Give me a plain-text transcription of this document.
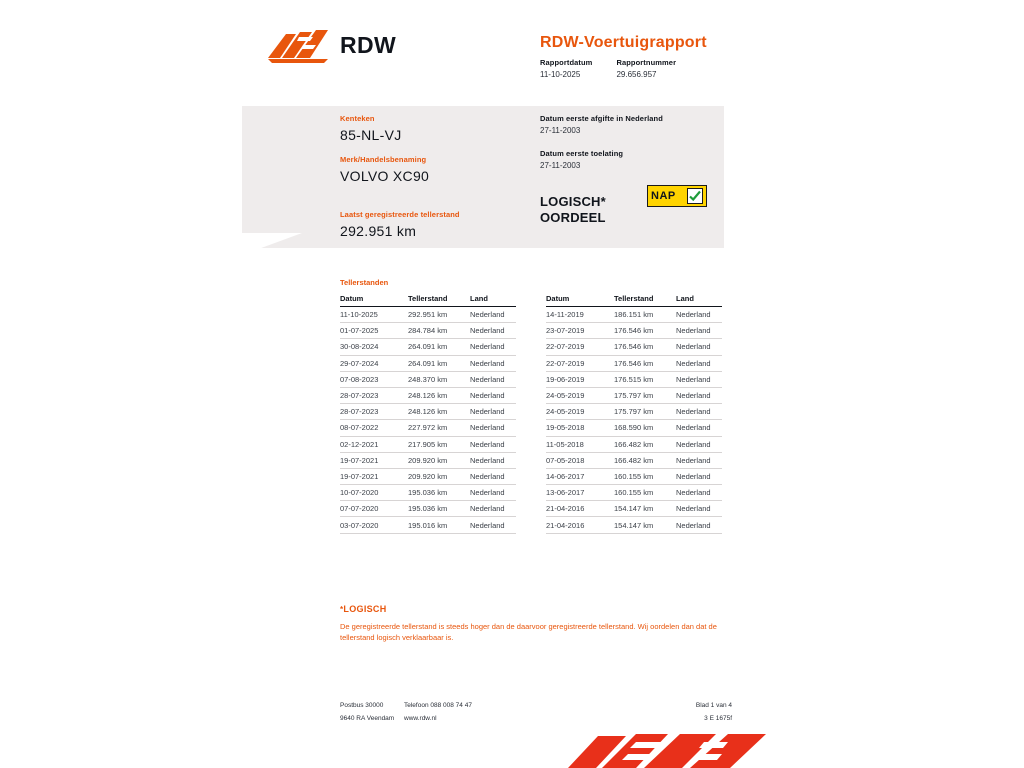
RDW	RDW-Voertuigrapport
Rapportdatum
11-10-2025
Rapportnummer
29.656.957
Kenteken
85-NL-VJ
Merk/Handelsbenaming
VOLVO XC90
Laatst geregistreerde tellerstand
292.951 km
Datum eerste afgifte in Nederland
27-11-2003
Datum eerste toelating
27-11-2003
LOGISCH*
OORDEEL
NAP
Tellerstanden
Datum	Tellerstand	Land
11-10-2025	292.951 km	Nederland
01-07-2025	284.784 km	Nederland
30-08-2024	264.091 km	Nederland
29-07-2024	264.091 km	Nederland
07-08-2023	248.370 km	Nederland
28-07-2023	248.126 km	Nederland
28-07-2023	248.126 km	Nederland
08-07-2022	227.972 km	Nederland
02-12-2021	217.905 km	Nederland
19-07-2021	209.920 km	Nederland
19-07-2021	209.920 km	Nederland
10-07-2020	195.036 km	Nederland
07-07-2020	195.036 km	Nederland
03-07-2020	195.016 km	Nederland
Datum	Tellerstand	Land
14-11-2019	186.151 km	Nederland
23-07-2019	176.546 km	Nederland
22-07-2019	176.546 km	Nederland
22-07-2019	176.546 km	Nederland
19-06-2019	176.515 km	Nederland
24-05-2019	175.797 km	Nederland
24-05-2019	175.797 km	Nederland
19-05-2018	168.590 km	Nederland
11-05-2018	166.482 km	Nederland
07-05-2018	166.482 km	Nederland
14-06-2017	160.155 km	Nederland
13-06-2017	160.155 km	Nederland
21-04-2016	154.147 km	Nederland
21-04-2016	154.147 km	Nederland
*LOGISCH
De geregistreerde tellerstand is steeds hoger dan de daarvoor geregistreerde tellerstand. Wij oordelen dan dat de tellerstand logisch verklaarbaar is.
Postbus 30000	Telefoon 088 008 74 47	Blad 1 van 4
9640 RA Veendam	www.rdw.nl	3 E 1675f
